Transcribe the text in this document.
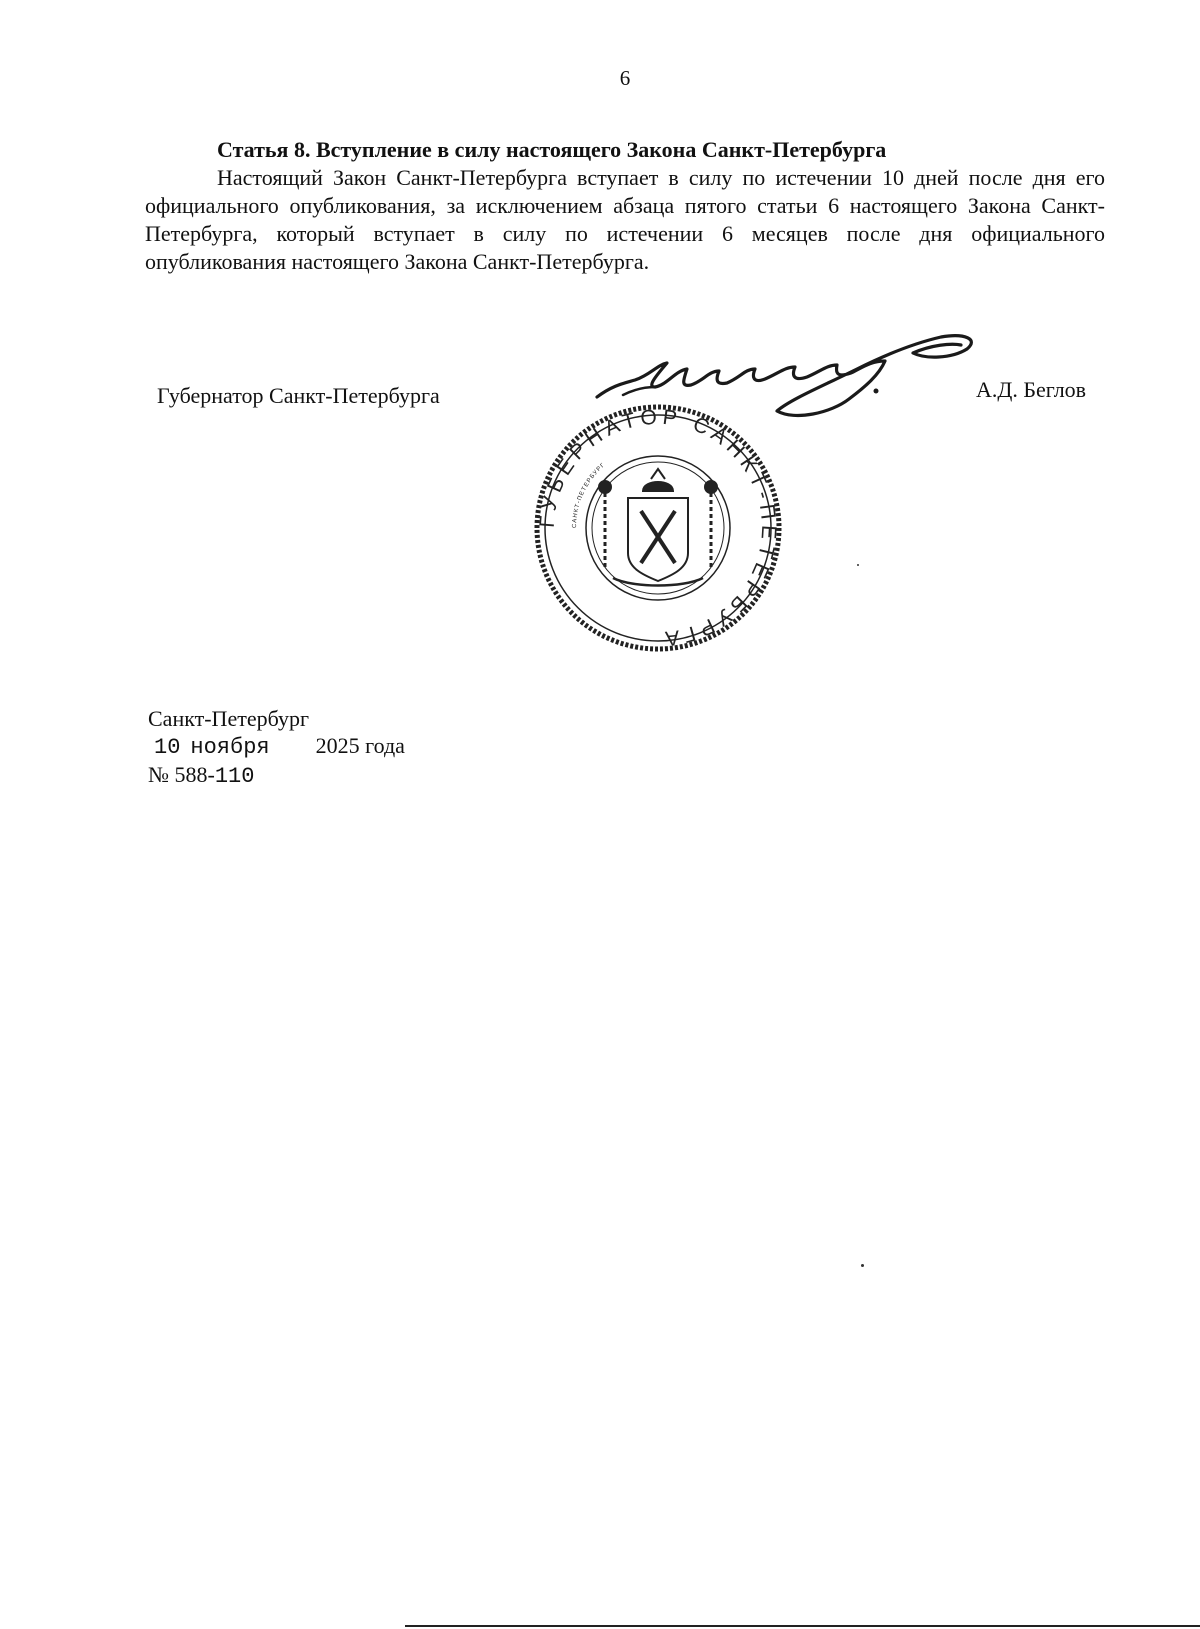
6
Статья 8. Вступление в силу настоящего Закона Санкт-Петербурга

Настоящий Закон Санкт-Петербурга вступает в силу по истечении 10 дней после дня его официального опубликования, за исключением абзаца пятого статьи 6 настоящего Закона Санкт-Петербурга, который вступает в силу по истечении 6 месяцев после дня официального опубликования настоящего Закона Санкт-Петербурга.

Губернатор Санкт-Петербурга	А.Д. Беглов
ГУБЕРНАТОР САНКТ-ПЕТЕРБУРГА
САНКТ-ПЕТЕРБУРГ
Санкт-Петербург
10 ноября 2025 года
№ 588-110
